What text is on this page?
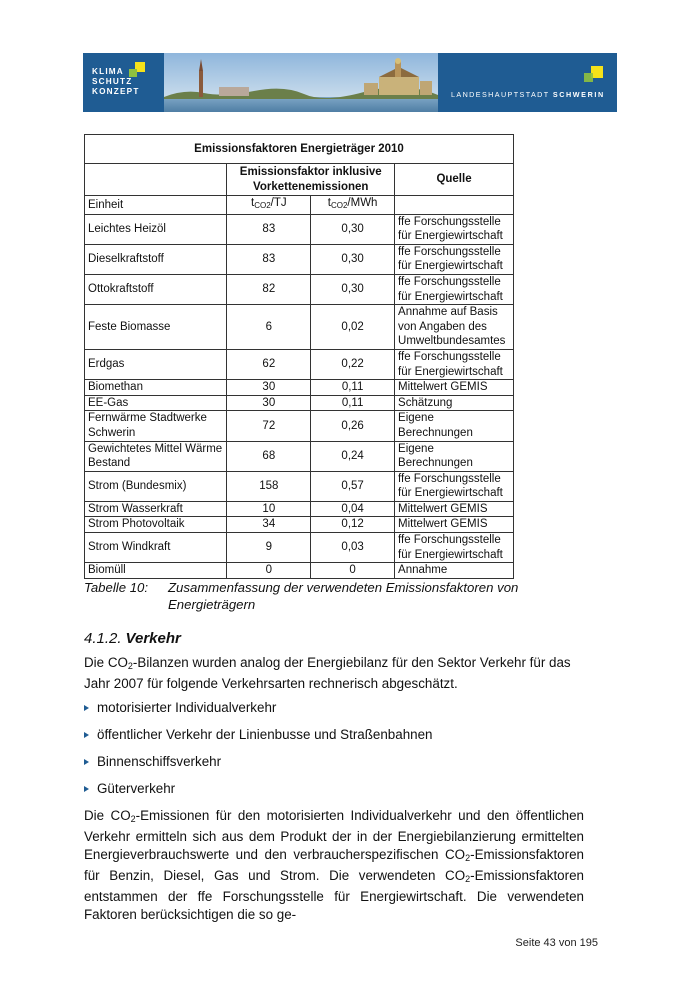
KLIMA
SCHUTZ
KONZEPT	LANDESHAUPTSTADT SCHWERIN
Emissionsfaktoren Energieträger 2010			
	Emissionsfaktor inklusive Vorkettenemissionen		Quelle
Einheit	$t_{CO2}/TJ$	$t_{CO2}$/MWh	
Leichtes Heizöl	83	0,30	ffe Forschungsstelle für Energiewirtschaft
Dieselkraftstoff	83	0,30	ffe Forschungsstelle für Energiewirtschaft
Ottokraftstoff	82	0,30	ffe Forschungsstelle für Energiewirtschaft
Feste Biomasse	6	0,02	Annahme auf Basis von Angaben des Umweltbundesamtes
Erdgas	62	0,22	ffe Forschungsstelle für Energiewirtschaft
Biomethan	30	0,11	Mittelwert GEMIS
EE-Gas	30	0,11	Schätzung
Fernwärme Stadtwerke Schwerin	72	0,26	Eigene Berechnungen
Gewichtetes Mittel Wärme Bestand	68	0,24	Eigene Berechnungen
Strom (Bundesmix)	158	0,57	ffe Forschungsstelle für Energiewirtschaft
Strom Wasserkraft	10	0,04	Mittelwert GEMIS
Strom Photovoltaik	34	0,12	Mittelwert GEMIS
Strom Windkraft	9	0,03	ffe Forschungsstelle für Energiewirtschaft
Biomüll	0	0	Annahme
Tabelle 10:	Zusammenfassung der verwendeten Emissionsfaktoren von Energieträgern
4.1.2. Verkehr

Die CO2-Bilanzen wurden analog der Energiebilanz für den Sektor Verkehr für das Jahr 2007 für folgende Verkehrsarten rechnerisch abgeschätzt.

motorisierter Individualverkehr
öffentlicher Verkehr der Linienbusse und Straßenbahnen
Binnenschiffsverkehr
Güterverkehr

Die CO2-Emissionen für den motorisierten Individualverkehr und den öffentlichen Verkehr ermitteln sich aus dem Produkt der in der Energiebilanzierung ermittelten Energieverbrauchswerte und den verbraucherspezifischen CO2-Emissionsfaktoren für Benzin, Diesel, Gas und Strom. Die verwendeten CO2-Emissionsfaktoren entstammen der ffe Forschungsstelle für Energiewirtschaft. Die verwendeten Faktoren berücksichtigen die so ge-

Seite 43 von 195
